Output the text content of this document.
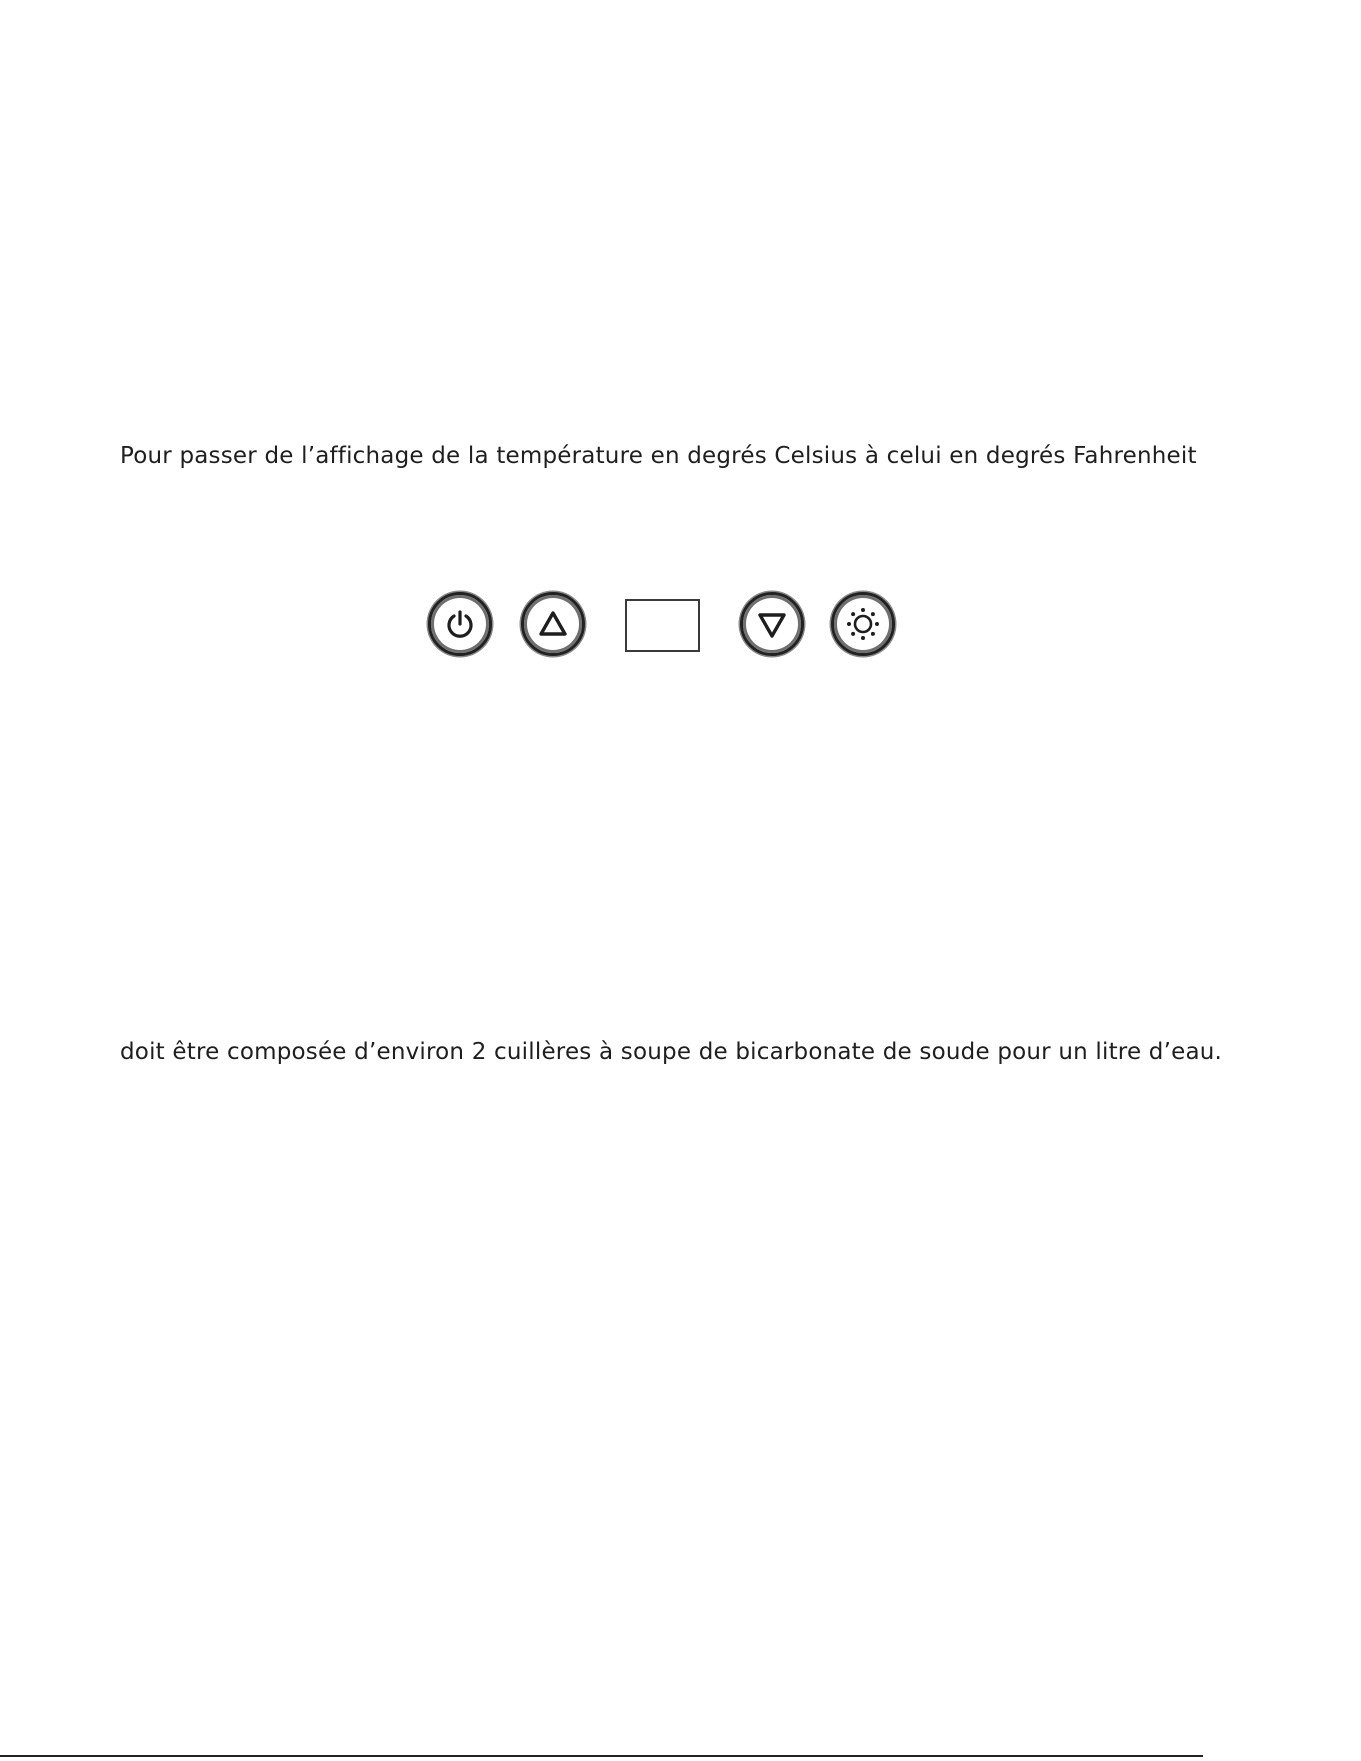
Pour passer de l’affichage de la température en degrés Celsius à celui en degrés Fahrenheit

doit être composée d’environ 2 cuillères à soupe de bicarbonate de soude pour un litre d’eau.
